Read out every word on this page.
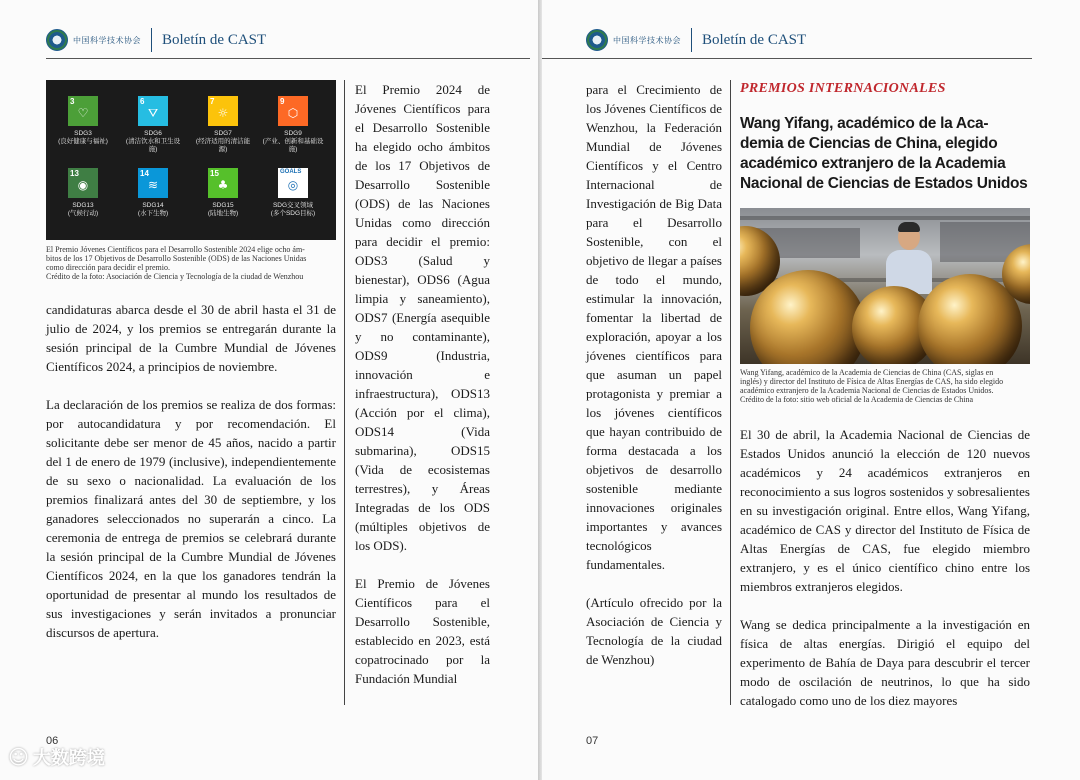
中国科学技术协会 Boletín de CAST
3
♡
SDG3
(良好健康与福祉)
6
⛛
SDG6
(清洁饮水和卫生设施)
7
☼
SDG7
(经济适用的清洁能源)
9
⬡
SDG9
(产业、创新和基础设施)
13
◉
SDG13
(气候行动)
14
≋
SDG14
(水下生物)
15
♣
SDG15
(陆地生物)
GOALS
◎
SDG交叉领域
(多个SDG目标)
El Premio Jóvenes Científicos para el Desarrollo Sostenible 2024 elige ocho ám-
bitos de los 17 Objetivos de Desarrollo Sostenible (ODS) de las Naciones Unidas
como dirección para decidir el premio.
Crédito de la foto: Asociación de Ciencia y Tecnología de la ciudad de Wenzhou

candidaturas abarca desde el 30 de abril hasta el 31 de julio de 2024, y los premios se entregarán durante la sesión principal de la Cumbre Mundial de Jóvenes Científicos 2024, a principios de noviembre.

La declaración de los premios se realiza de dos formas: por autocandidatura y por recomendación. El solicitante debe ser menor de 45 años, nacido a partir del 1 de enero de 1979 (inclusive), independientemente de su sexo o nacionalidad. La evaluación de los premios finalizará antes del 30 de septiembre, y los ganadores seleccionados no superarán a cinco. La ceremonia de entrega de premios se celebrará durante la sesión principal de la Cumbre Mundial de Jóvenes Científicos 2024, en la que los ganadores tendrán la oportunidad de presentar al mundo los resultados de sus investigaciones y serán invitados a pronunciar discursos de apertura.

El Premio 2024 de Jóvenes Científicos para el Desarrollo Sostenible ha elegido ocho ámbitos de los 17 Objetivos de Desarrollo Sostenible (ODS) de las Naciones Unidas como dirección para decidir el premio: ODS3 (Salud y bienestar), ODS6 (Agua limpia y saneamiento), ODS7 (Energía asequible y no contaminante), ODS9 (Industria, innovación e infraestructura), ODS13 (Acción por el clima), ODS14 (Vida submarina), ODS15 (Vida de ecosistemas terrestres), y Áreas Integradas de los ODS (múltiples objetivos de los ODS).

El Premio de Jóvenes Científicos para el Desarrollo Sostenible, establecido en 2023, está copatrocinado por la Fundación Mundial

06
☺ 大数跨境
中国科学技术协会 Boletín de CAST

para el Crecimiento de los Jóvenes Científicos de Wenzhou, la Federación Mundial de Jóvenes Científicos y el Centro Internacional de Investigación de Big Data para el Desarrollo Sostenible, con el objetivo de llegar a países de todo el mundo, estimular la innovación, fomentar la libertad de exploración, apoyar a los jóvenes científicos para que asuman un papel protagonista y premiar a los jóvenes científicos que hayan contribuido de forma destacada a los objetivos de desarrollo sostenible mediante innovaciones originales importantes y avances tecnológicos fundamentales.

(Artículo ofrecido por la Asociación de Ciencia y Tecnología de la ciudad de Wenzhou)

PREMIOS INTERNACIONALES
Wang Yifang, académico de la Aca-
demia de Ciencias de China, elegido
académico extranjero de la Academia
Nacional de Ciencias de Estados Unidos
Wang Yifang, académico de la Academia de Ciencias de China (CAS, siglas en
inglés) y director del Instituto de Física de Altas Energías de CAS, ha sido elegido
académico extranjero de la Academia Nacional de Ciencias de Estados Unidos.
Crédito de la foto: sitio web oficial de la Academia de Ciencias de China

El 30 de abril, la Academia Nacional de Ciencias de Estados Unidos anunció la elección de 120 nuevos académicos y 24 académicos extranjeros en reconocimiento a sus logros sostenidos y sobresalientes en su investigación original. Entre ellos, Wang Yifang, académico de CAS y director del Instituto de Física de Altas Energías de CAS, fue elegido miembro extranjero, y es el único científico chino entre los miembros extranjeros elegidos.

Wang se dedica principalmente a la investigación en física de altas energías. Dirigió el equipo del experimento de Bahía de Daya para descubrir el tercer modo de oscilación de neutrinos, lo que ha sido catalogado como uno de los diez mayores

07
